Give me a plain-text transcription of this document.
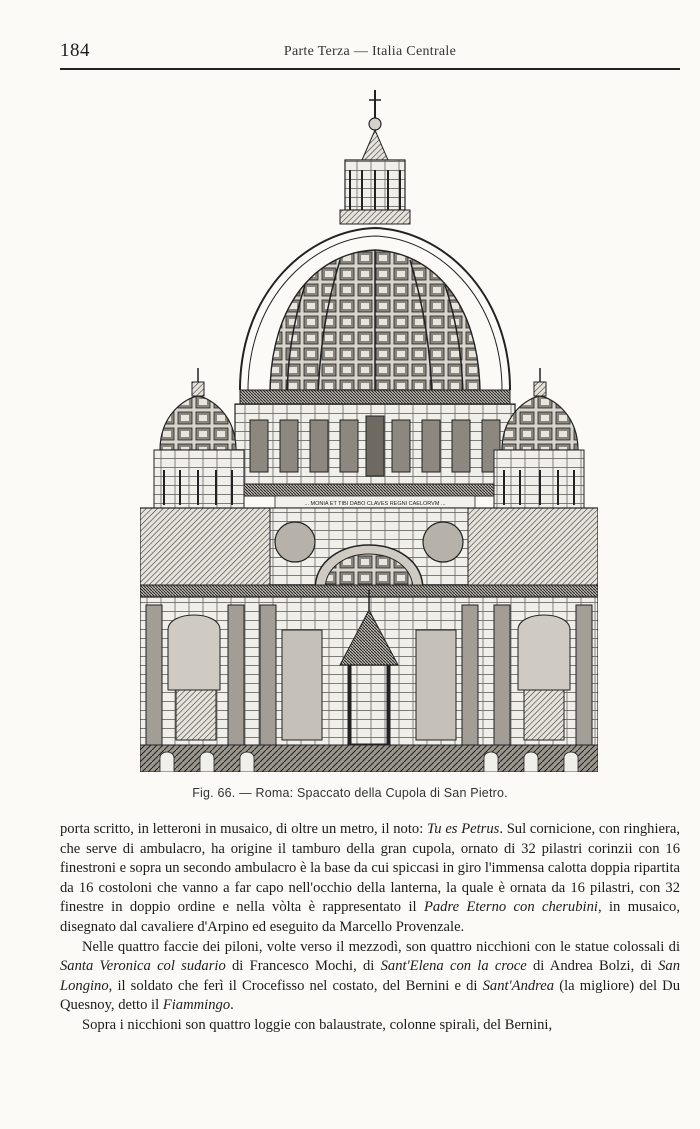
184	Parte Terza — Italia Centrale
... MONIA ET TIBI DABO CLAVES REGNI CAELORVM ...
Fig. 66. — Roma: Spaccato della Cupola di San Pietro.

porta scritto, in letteroni in musaico, di oltre un metro, il noto: Tu es Petrus. Sul cornicione, con ringhiera, che serve di ambulacro, ha origine il tamburo della gran cupola, ornato di 32 pilastri corinzii con 16 finestroni e sopra un secondo ambulacro è la base da cui spiccasi in giro l'immensa calotta doppia ripartita da 16 costoloni che vanno a far capo nell'occhio della lanterna, la quale è ornata da 16 pilastri, con 32 finestre in doppio ordine e nella vòlta è rappresentato il Padre Eterno con cherubini, in musaico, disegnato dal cavaliere d'Arpino ed eseguito da Marcello Provenzale.

Nelle quattro faccie dei piloni, volte verso il mezzodì, son quattro nicchioni con le statue colossali di Santa Veronica col sudario di Francesco Mochi, di Sant'Elena con la croce di Andrea Bolzi, di San Longino, il soldato che ferì il Crocefisso nel costato, del Bernini e di Sant'Andrea (la migliore) del Du Quesnoy, detto il Fiammingo.

Sopra i nicchioni son quattro loggie con balaustrate, colonne spirali, del Bernini,
